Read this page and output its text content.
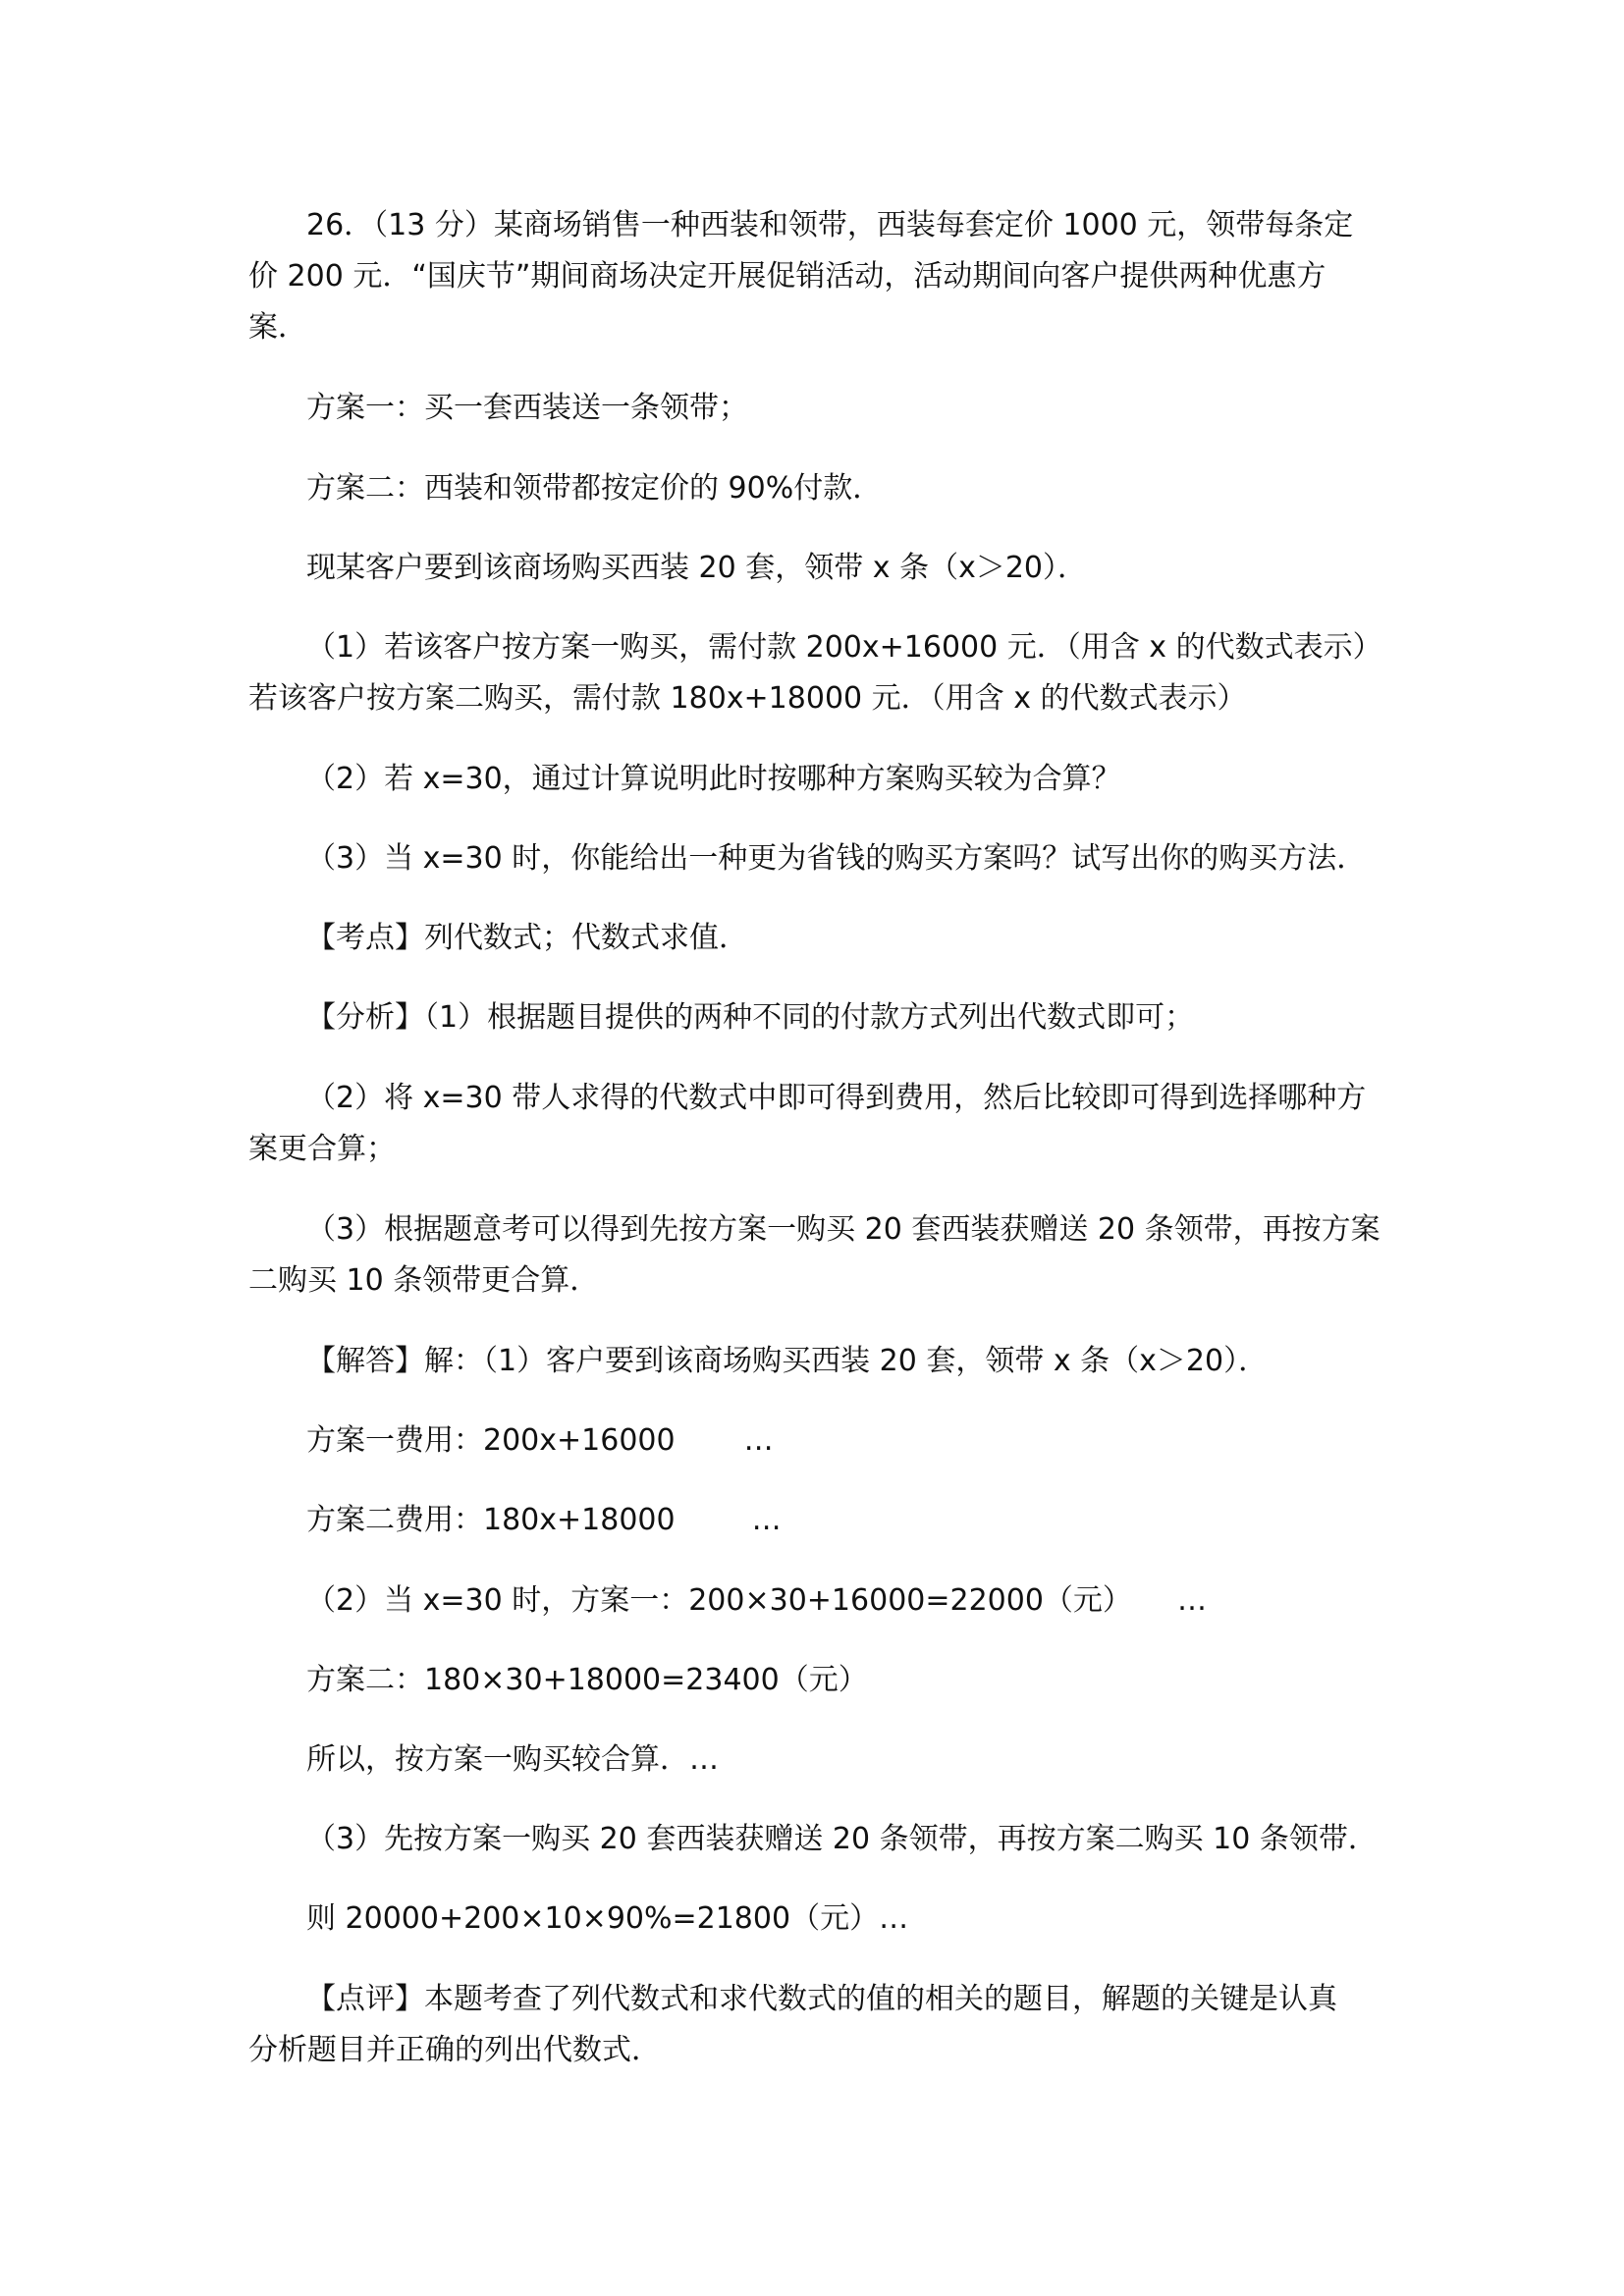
26．（13 分）某商场销售一种西装和领带，西装每套定价 1000 元，领带每条定
价 200 元．“国庆节”期间商场决定开展促销活动，活动期间向客户提供两种优惠方
案．
方案一：买一套西装送一条领带；
方案二：西装和领带都按定价的 90%付款．
现某客户要到该商场购买西装 20 套，领带 x 条（x＞20）．
（1）若该客户按方案一购买，需付款 200x+16000 元．（用含 x 的代数式表示）
若该客户按方案二购买，需付款 180x+18000 元．（用含 x 的代数式表示）
（2）若 x=30，通过计算说明此时按哪种方案购买较为合算？
（3）当 x=30 时，你能给出一种更为省钱的购买方案吗？试写出你的购买方法．
【考点】列代数式；代数式求值．
【分析】（1）根据题目提供的两种不同的付款方式列出代数式即可；
（2）将 x=30 带人求得的代数式中即可得到费用，然后比较即可得到选择哪种方
案更合算；
（3）根据题意考可以得到先按方案一购买 20 套西装获赠送 20 条领带，再按方案
二购买 10 条领带更合算．
【解答】解：（1）客户要到该商场购买西装 20 套，领带 x 条（x＞20）．
方案一费用：200x+16000 …
方案二费用：180x+18000	…
（2）当 x=30 时，方案一：200×30+16000=22000（元） …
方案二：180×30+18000=23400（元）
所以，按方案一购买较合算．…
（3）先按方案一购买 20 套西装获赠送 20 条领带，再按方案二购买 10 条领带．
则 20000+200×10×90%=21800（元）…
【点评】本题考查了列代数式和求代数式的值的相关的题目，解题的关键是认真
分析题目并正确的列出代数式．
